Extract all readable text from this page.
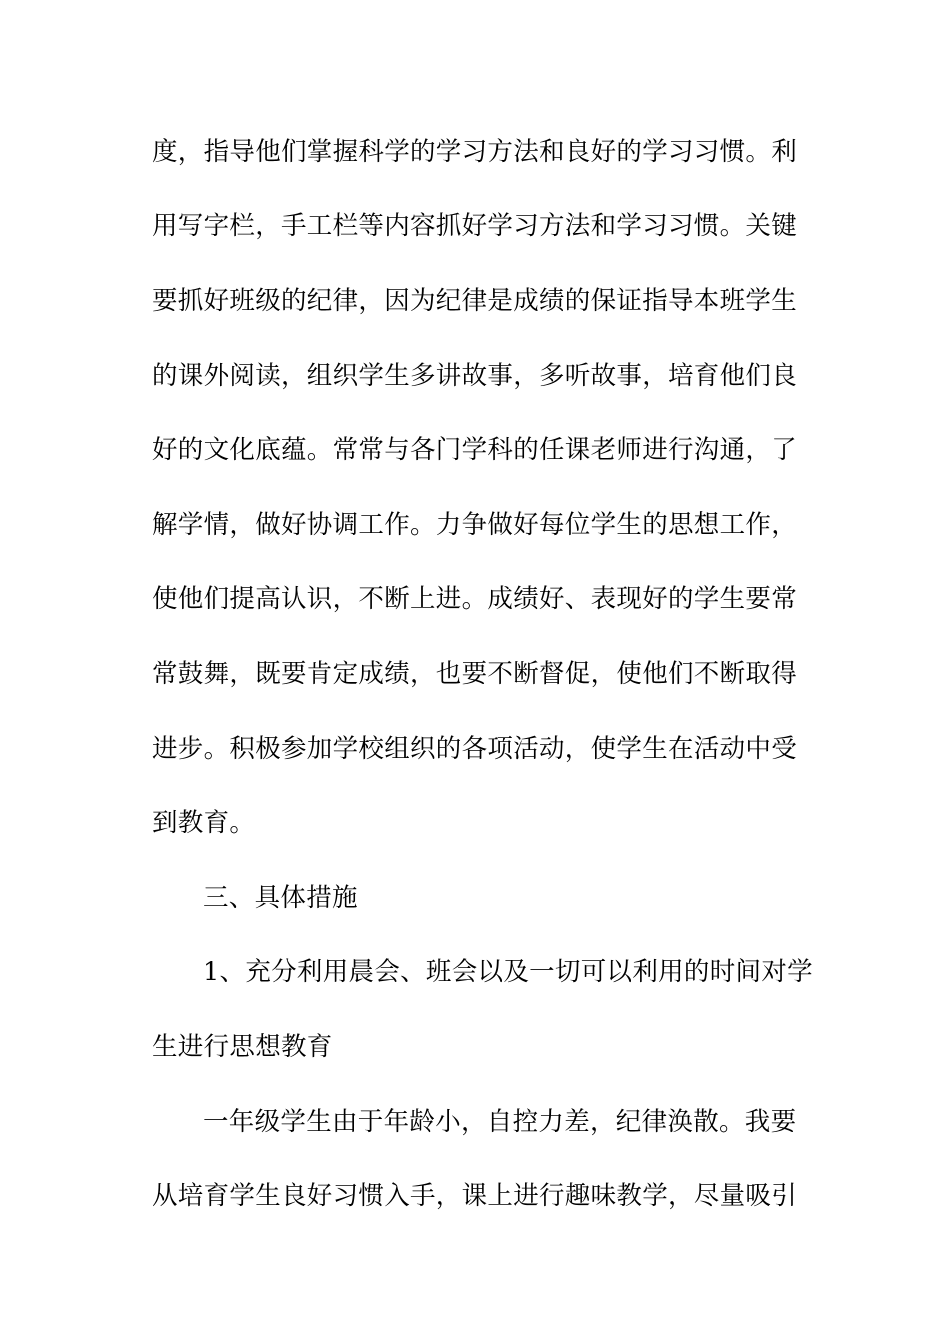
度，指导他们掌握科学的学习方法和良好的学习习惯。利
用写字栏，手工栏等内容抓好学习方法和学习习惯。关键
要抓好班级的纪律，因为纪律是成绩的保证指导本班学生
的课外阅读，组织学生多讲故事，多听故事，培育他们良
好的文化底蕴。常常与各门学科的任课老师进行沟通，了
解学情，做好协调工作。力争做好每位学生的思想工作，
使他们提高认识，不断上进。成绩好、表现好的学生要常
常鼓舞，既要肯定成绩，也要不断督促，使他们不断取得
进步。积极参加学校组织的各项活动，使学生在活动中受
到教育。
三、具体措施
1、充分利用晨会、班会以及一切可以利用的时间对学
生进行思想教育
一年级学生由于年龄小，自控力差，纪律涣散。我要
从培育学生良好习惯入手，课上进行趣味教学，尽量吸引
